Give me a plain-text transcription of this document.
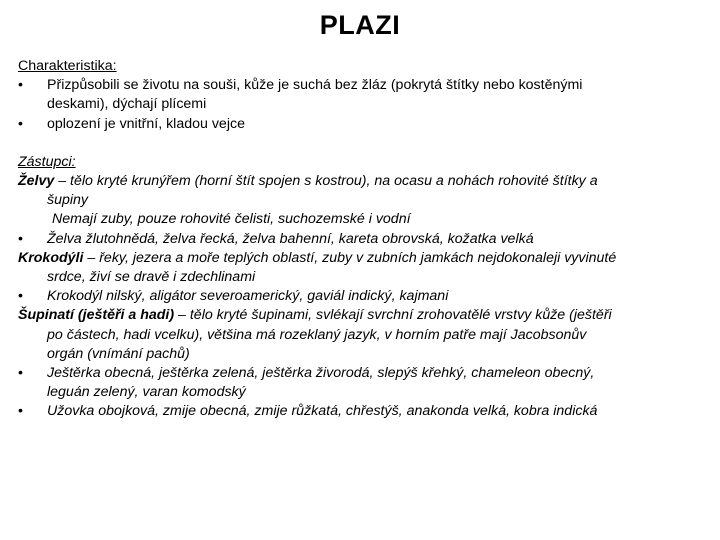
PLAZI
Charakteristika:
• Přizpůsobili se životu na souši, kůže je suchá bez žláz (pokrytá štítky nebo kostěnými
deskami), dýchají plícemi
• oplození je vnitřní, kladou vejce
Zástupci:
Želvy – tělo kryté krunýřem (horní štít spojen s kostrou), na ocasu a nohách rohovité štítky a
šupiny
Nemají zuby, pouze rohovité čelisti, suchozemské i vodní
• Želva žlutohnědá, želva řecká, želva bahenní, kareta obrovská, kožatka velká
Krokodýli – řeky, jezera a moře teplých oblastí, zuby v zubních jamkách nejdokonaleji vyvinuté
srdce, živí se dravě i zdechlinami
• Krokodýl nilský, aligátor severoamerický, gaviál indický, kajmani
Šupinatí (ještěři a hadi) – tělo kryté šupinami, svlékají svrchní zrohovatělé vrstvy kůže (ještěři
po částech, hadi vcelku), většina má rozeklaný jazyk, v horním patře mají Jacobsonův
orgán (vnímání pachů)
• Ještěrka obecná, ještěrka zelená, ještěrka živorodá, slepýš křehký, chameleon obecný,
leguán zelený, varan komodský
• Užovka obojková, zmije obecná, zmije růžkatá, chřestýš, anakonda velká, kobra indická
